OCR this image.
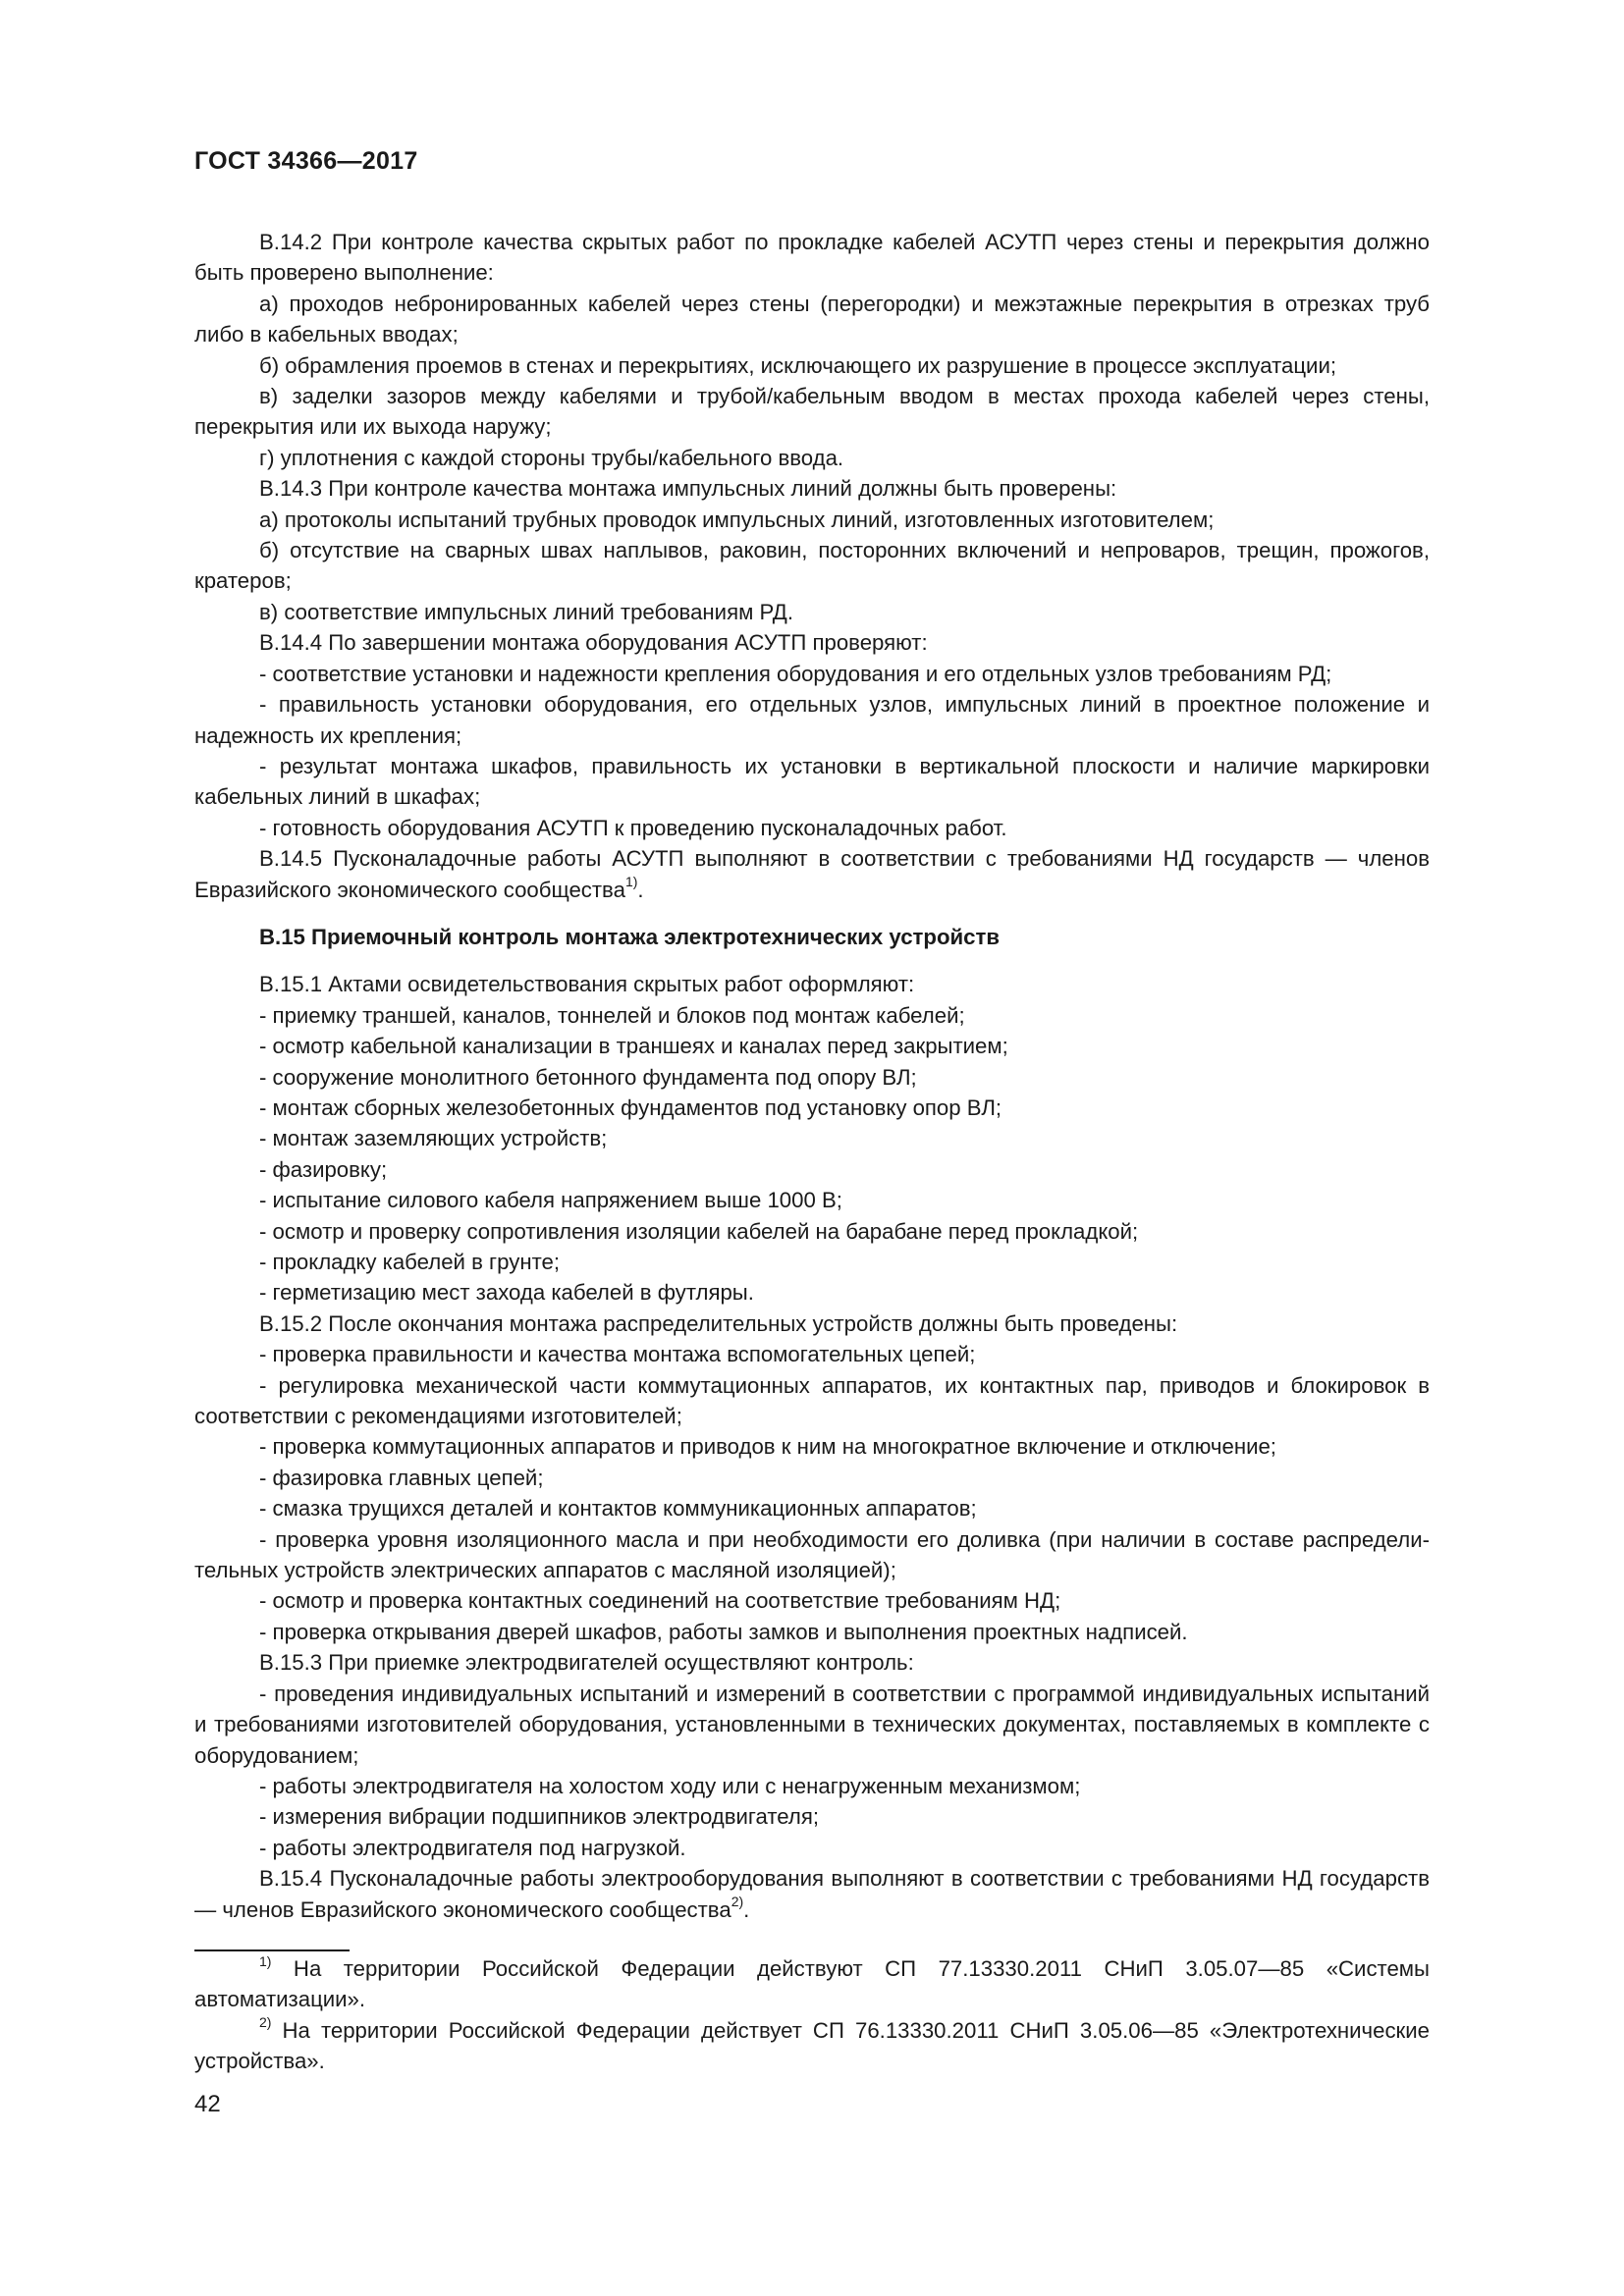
ГОСТ 34366—2017

В.14.2 При контроле качества скрытых работ по прокладке кабелей АСУТП через стены и перекрытия должно быть проверено выполнение:

а) проходов небронированных кабелей через стены (перегородки) и межэтажные перекрытия в отрезках труб либо в кабельных вводах;

б) обрамления проемов в стенах и перекрытиях, исключающего их разрушение в процессе эксплуатации;

в) заделки зазоров между кабелями и трубой/кабельным вводом в местах прохода кабелей через стены, перекрытия или их выхода наружу;

г) уплотнения с каждой стороны трубы/кабельного ввода.

В.14.3 При контроле качества монтажа импульсных линий должны быть проверены:

а) протоколы испытаний трубных проводок импульсных линий, изготовленных изготовителем;

б) отсутствие на сварных швах наплывов, раковин, посторонних включений и непроваров, трещин, прожогов, кратеров;

в) соответствие импульсных линий требованиям РД.

В.14.4 По завершении монтажа оборудования АСУТП проверяют:

- соответствие установки и надежности крепления оборудования и его отдельных узлов требованиям РД;

- правильность установки оборудования, его отдельных узлов, импульсных линий в проектное положение и надежность их крепления;

- результат монтажа шкафов, правильность их установки в вертикальной плоскости и наличие маркировки кабельных линий в шкафах;

- готовность оборудования АСУТП к проведению пусконаладочных работ.

В.14.5 Пусконаладочные работы АСУТП выполняют в соответствии с требованиями НД государств — членов Евразийского экономического сообщества$^{1)}$.

В.15 Приемочный контроль монтажа электротехнических устройств

В.15.1 Актами освидетельствования скрытых работ оформляют:

- приемку траншей, каналов, тоннелей и блоков под монтаж кабелей;

- осмотр кабельной канализации в траншеях и каналах перед закрытием;

- сооружение монолитного бетонного фундамента под опору ВЛ;

- монтаж сборных железобетонных фундаментов под установку опор ВЛ;

- монтаж заземляющих устройств;

- фазировку;

- испытание силового кабеля напряжением выше 1000 В;

- осмотр и проверку сопротивления изоляции кабелей на барабане перед прокладкой;

- прокладку кабелей в грунте;

- герметизацию мест захода кабелей в футляры.

В.15.2 После окончания монтажа распределительных устройств должны быть проведены:

- проверка правильности и качества монтажа вспомогательных цепей;

- регулировка механической части коммутационных аппаратов, их контактных пар, приводов и блокировок в соответствии с рекомендациями изготовителей;

- проверка коммутационных аппаратов и приводов к ним на многократное включение и отключение;

- фазировка главных цепей;

- смазка трущихся деталей и контактов коммуникационных аппаратов;

- проверка уровня изоляционного масла и при необходимости его доливка (при наличии в составе распределительных устройств электрических аппаратов с масляной изоляцией);

- осмотр и проверка контактных соединений на соответствие требованиям НД;

- проверка открывания дверей шкафов, работы замков и выполнения проектных надписей.

В.15.3 При приемке электродвигателей осуществляют контроль:

- проведения индивидуальных испытаний и измерений в соответствии с программой индивидуальных испытаний и требованиями изготовителей оборудования, установленными в технических документах, поставляемых в комплекте с оборудованием;

- работы электродвигателя на холостом ходу или с ненагруженным механизмом;

- измерения вибрации подшипников электродвигателя;

- работы электродвигателя под нагрузкой.

В.15.4 Пусконаладочные работы электрооборудования выполняют в соответствии с требованиями НД государств — членов Евразийского экономического сообщества$^{2)}$.

$^{1)}$ На территории Российской Федерации действуют СП 77.13330.2011 СНиП 3.05.07—85 «Системы автоматизации».

$^{2)}$ На территории Российской Федерации действует СП 76.13330.2011 СНиП 3.05.06—85 «Электротехнические устройства».

42
